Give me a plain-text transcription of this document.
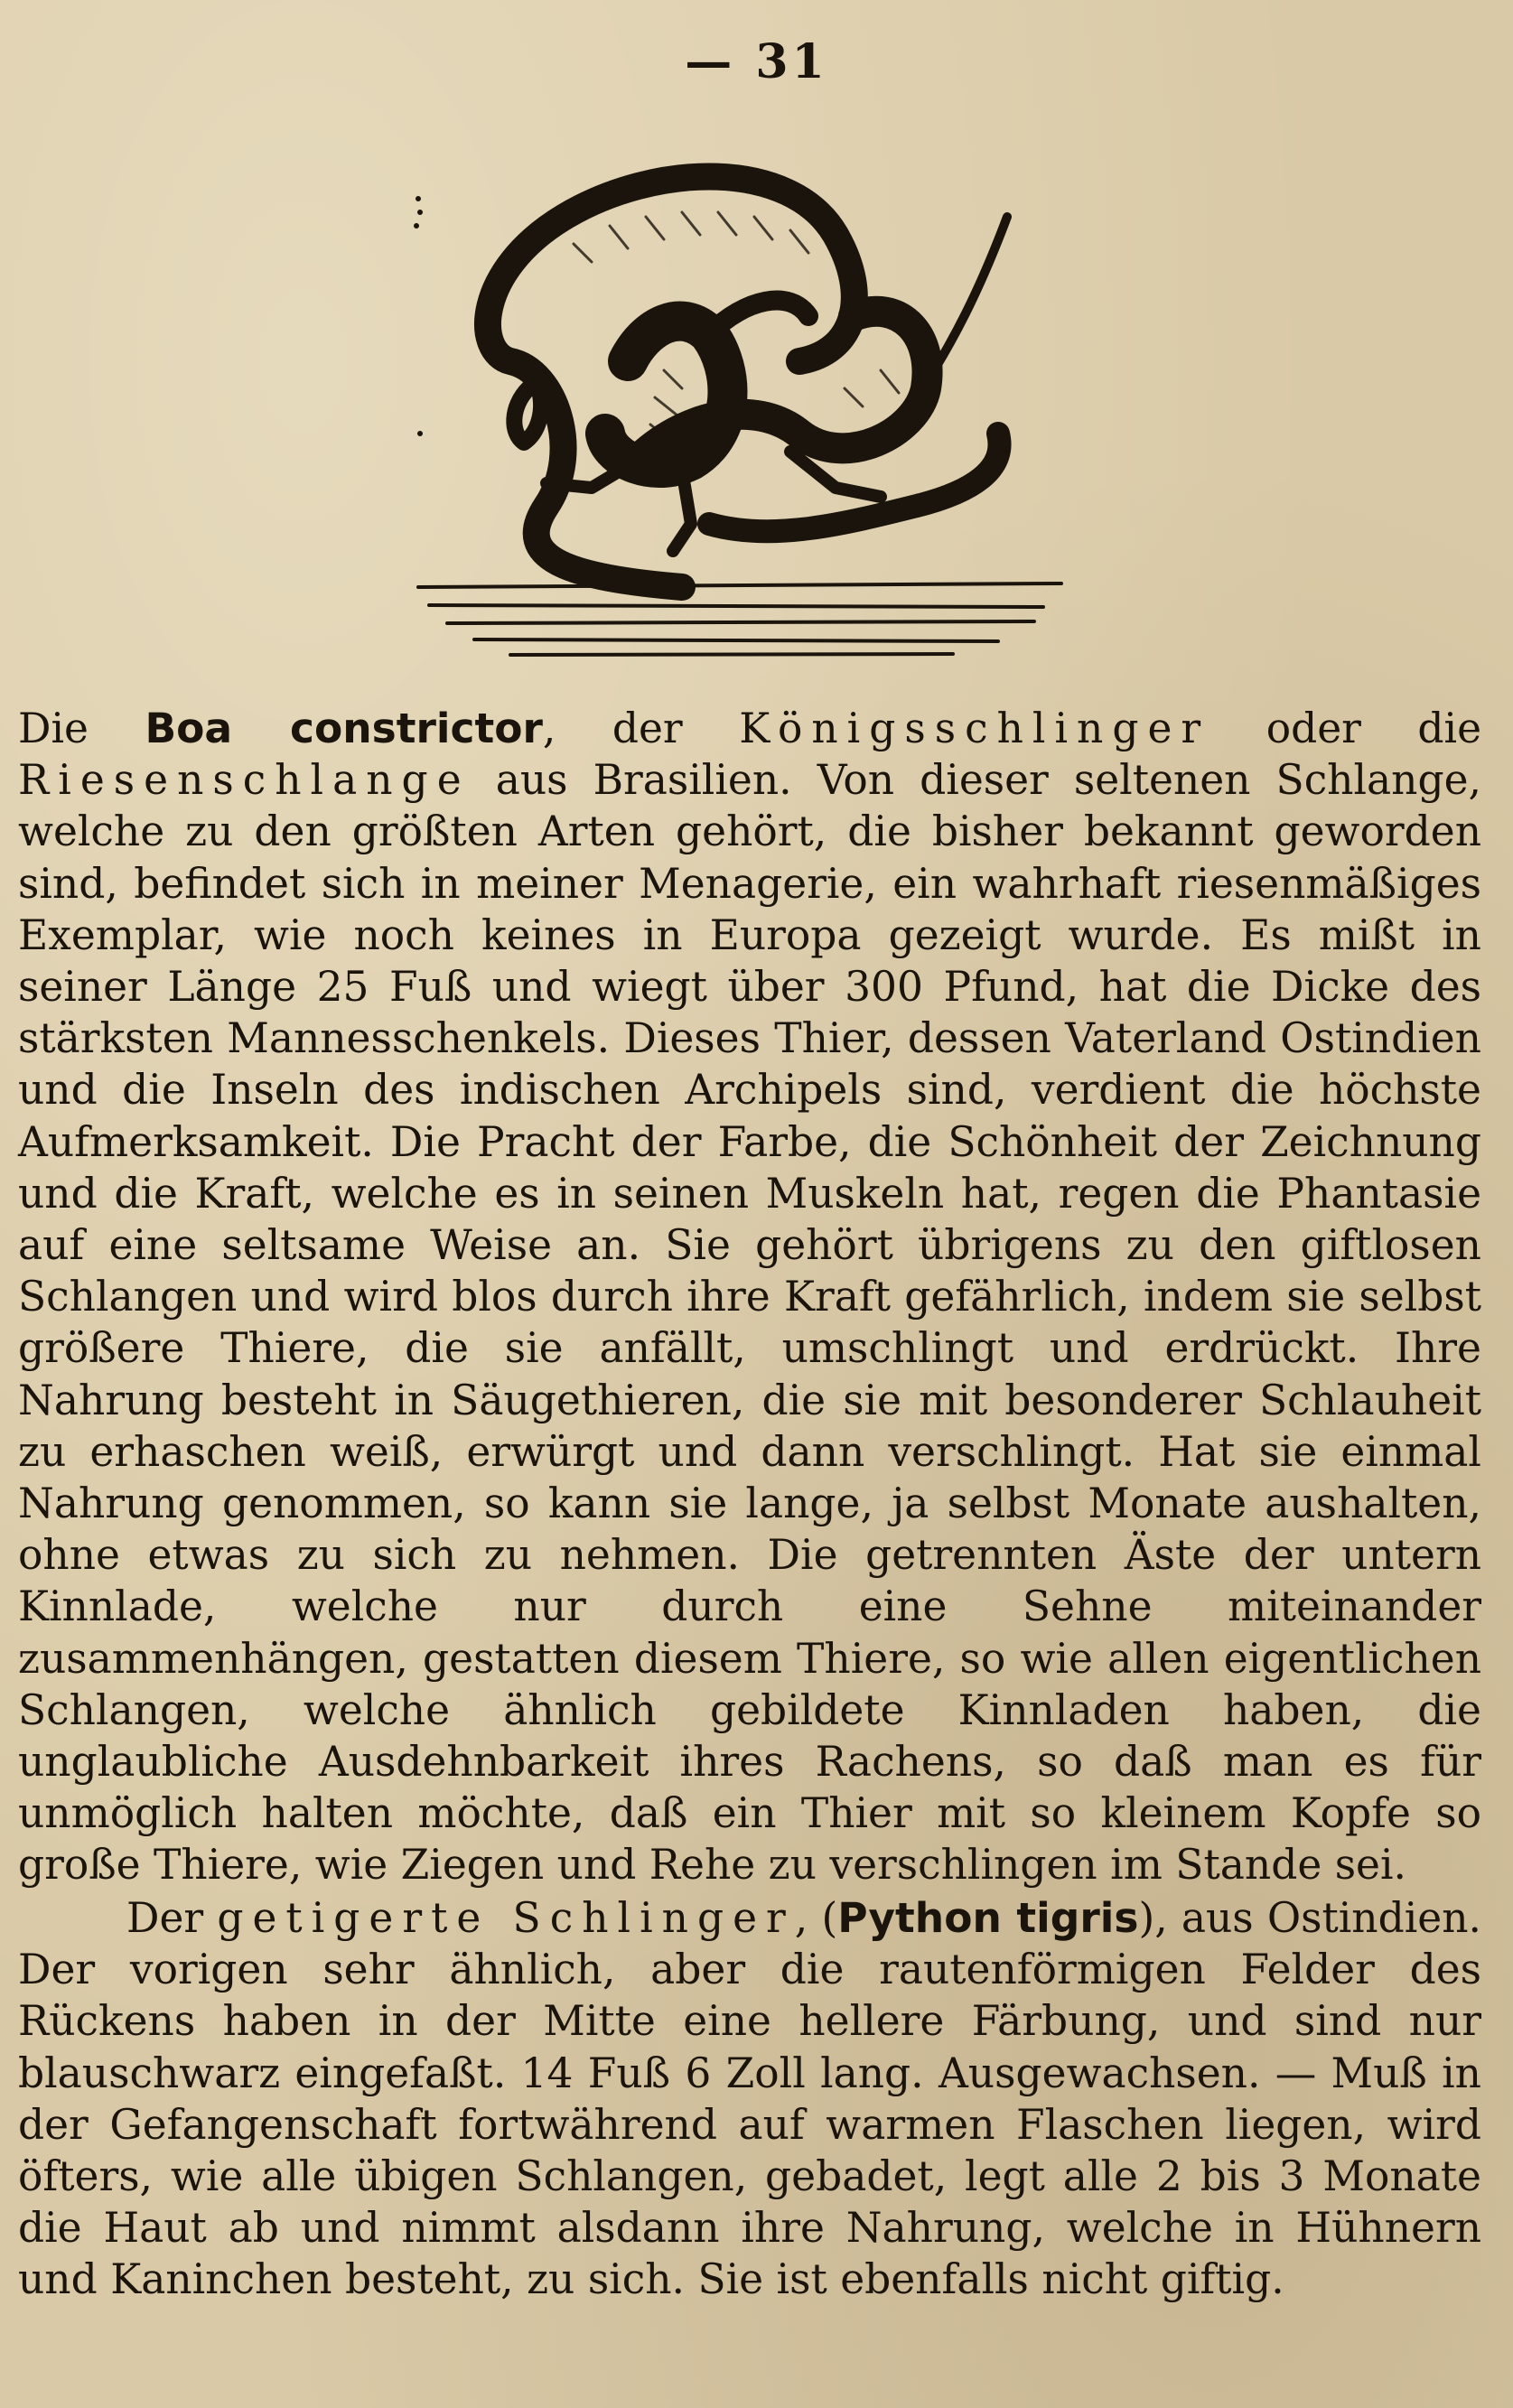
— 31

Die Boa constrictor, der Königsschlinger oder die Riesenschlange aus Brasilien. Von dieser seltenen Schlange, welche zu den größten Arten gehört, die bisher bekannt geworden sind, befindet sich in meiner Menagerie, ein wahrhaft riesenmäßiges Exemplar, wie noch keines in Europa gezeigt wurde. Es mißt in seiner Länge 25 Fuß und wiegt über 300 Pfund, hat die Dicke des stärksten Mannesschenkels. Dieses Thier, dessen Vaterland Ostindien und die Inseln des indischen Archipels sind, verdient die höchste Aufmerksamkeit. Die Pracht der Farbe, die Schönheit der Zeichnung und die Kraft, welche es in seinen Muskeln hat, regen die Phantasie auf eine seltsame Weise an. Sie gehört übrigens zu den giftlosen Schlangen und wird blos durch ihre Kraft gefährlich, indem sie selbst größere Thiere, die sie anfällt, umschlingt und erdrückt. Ihre Nahrung besteht in Säugethieren, die sie mit besonderer Schlauheit zu erhaschen weiß, erwürgt und dann verschlingt. Hat sie einmal Nahrung genommen, so kann sie lange, ja selbst Monate aushalten, ohne etwas zu sich zu nehmen. Die getrennten Äste der untern Kinnlade, welche nur durch eine Sehne miteinander zusammenhängen, gestatten diesem Thiere, so wie allen eigentlichen Schlangen, welche ähnlich gebildete Kinnladen haben, die unglaubliche Ausdehnbarkeit ihres Rachens, so daß man es für unmöglich halten möchte, daß ein Thier mit so kleinem Kopfe so große Thiere, wie Ziegen und Rehe zu verschlingen im Stande sei.

Der getigerte Schlinger, (Python tigris), aus Ostindien. Der vorigen sehr ähnlich, aber die rautenförmigen Felder des Rückens haben in der Mitte eine hellere Färbung, und sind nur blauschwarz eingefaßt. 14 Fuß 6 Zoll lang. Ausgewachsen. — Muß in der Gefangenschaft fortwährend auf warmen Flaschen liegen, wird öfters, wie alle übigen Schlangen, gebadet, legt alle 2 bis 3 Monate die Haut ab und nimmt alsdann ihre Nahrung, welche in Hühnern und Kaninchen besteht, zu sich. Sie ist ebenfalls nicht giftig.
